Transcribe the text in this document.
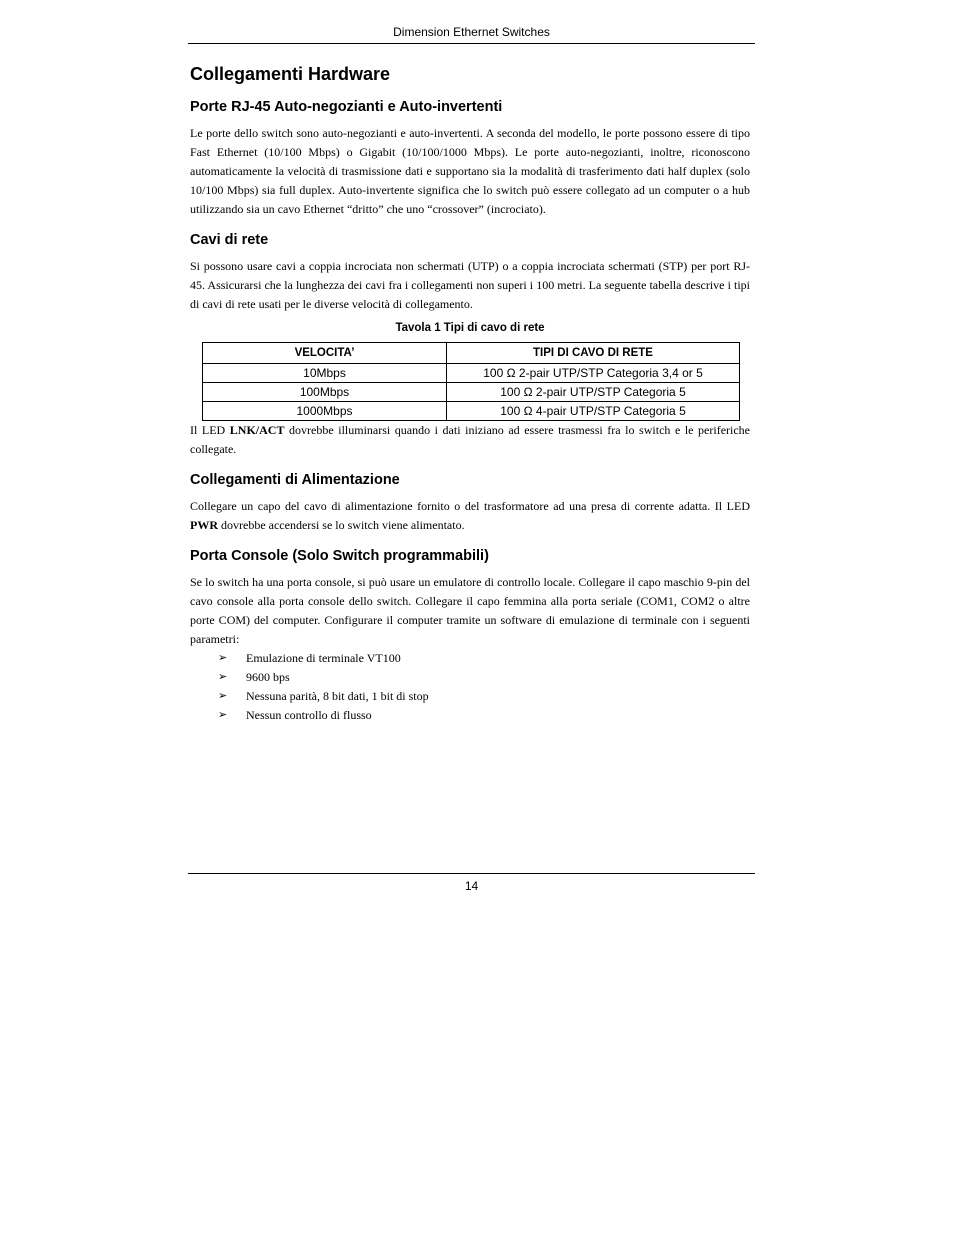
Dimension Ethernet Switches
Collegamenti Hardware
Porte RJ-45 Auto-negozianti e Auto-invertenti

Le porte dello switch sono auto-negozianti e auto-invertenti. A seconda del modello, le porte possono essere di tipo Fast Ethernet (10/100 Mbps) o Gigabit (10/100/1000 Mbps). Le porte auto-negozianti, inoltre, riconoscono automaticamente la velocità di trasmissione dati e supportano sia la modalità di trasferimento dati half duplex (solo 10/100 Mbps) sia full duplex. Auto-invertente significa che lo switch può essere collegato ad un computer o a hub utilizzando sia un cavo Ethernet “dritto” che uno “crossover” (incrociato).

Cavi di rete

Si possono usare cavi a coppia incrociata non schermati (UTP) o a coppia incrociata schermati (STP) per port RJ-45. Assicurarsi che la lunghezza dei cavi fra i collegamenti non superi i 100 metri. La seguente tabella descrive i tipi di cavi di rete usati per le diverse velocità di collegamento.

Tavola 1 Tipi di cavo di rete
VELOCITA’	TIPI DI CAVO DI RETE
10Mbps	100 Ω 2-pair UTP/STP Categoria 3,4 or 5
100Mbps	100 Ω 2-pair UTP/STP Categoria 5
1000Mbps	100 Ω 4-pair UTP/STP Categoria 5

Il LED LNK/ACT dovrebbe illuminarsi quando i dati iniziano ad essere trasmessi fra lo switch e le periferiche collegate.

Collegamenti di Alimentazione

Collegare un capo del cavo di alimentazione fornito o del trasformatore ad una presa di corrente adatta. Il LED PWR dovrebbe accendersi se lo switch viene alimentato.

Porta Console (Solo Switch programmabili)

Se lo switch ha una porta console, si può usare un emulatore di controllo locale. Collegare il capo maschio 9-pin del cavo console alla porta console dello switch. Collegare il capo femmina alla porta seriale (COM1, COM2 o altre porte COM) del computer. Configurare il computer tramite un software di emulazione di terminale con i seguenti parametri:

➢ Emulazione di terminale VT100
➢ 9600 bps
➢ Nessuna parità, 8 bit dati, 1 bit di stop
➢ Nessun controllo di flusso
14
